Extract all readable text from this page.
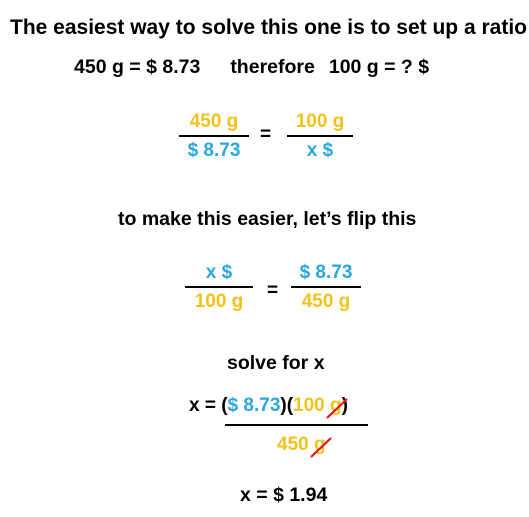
The easiest way to solve this one is to set up a ratio
450 g = $ 8.73 therefore 100 g = ? $
450 g
$ 8.73
=
100 g
x $
to make this easier, let’s flip this
x $
100 g
=
$ 8.73
450 g
solve for x
x = ($ 8.73)(100 g
)
450 g
x = $ 1.94
